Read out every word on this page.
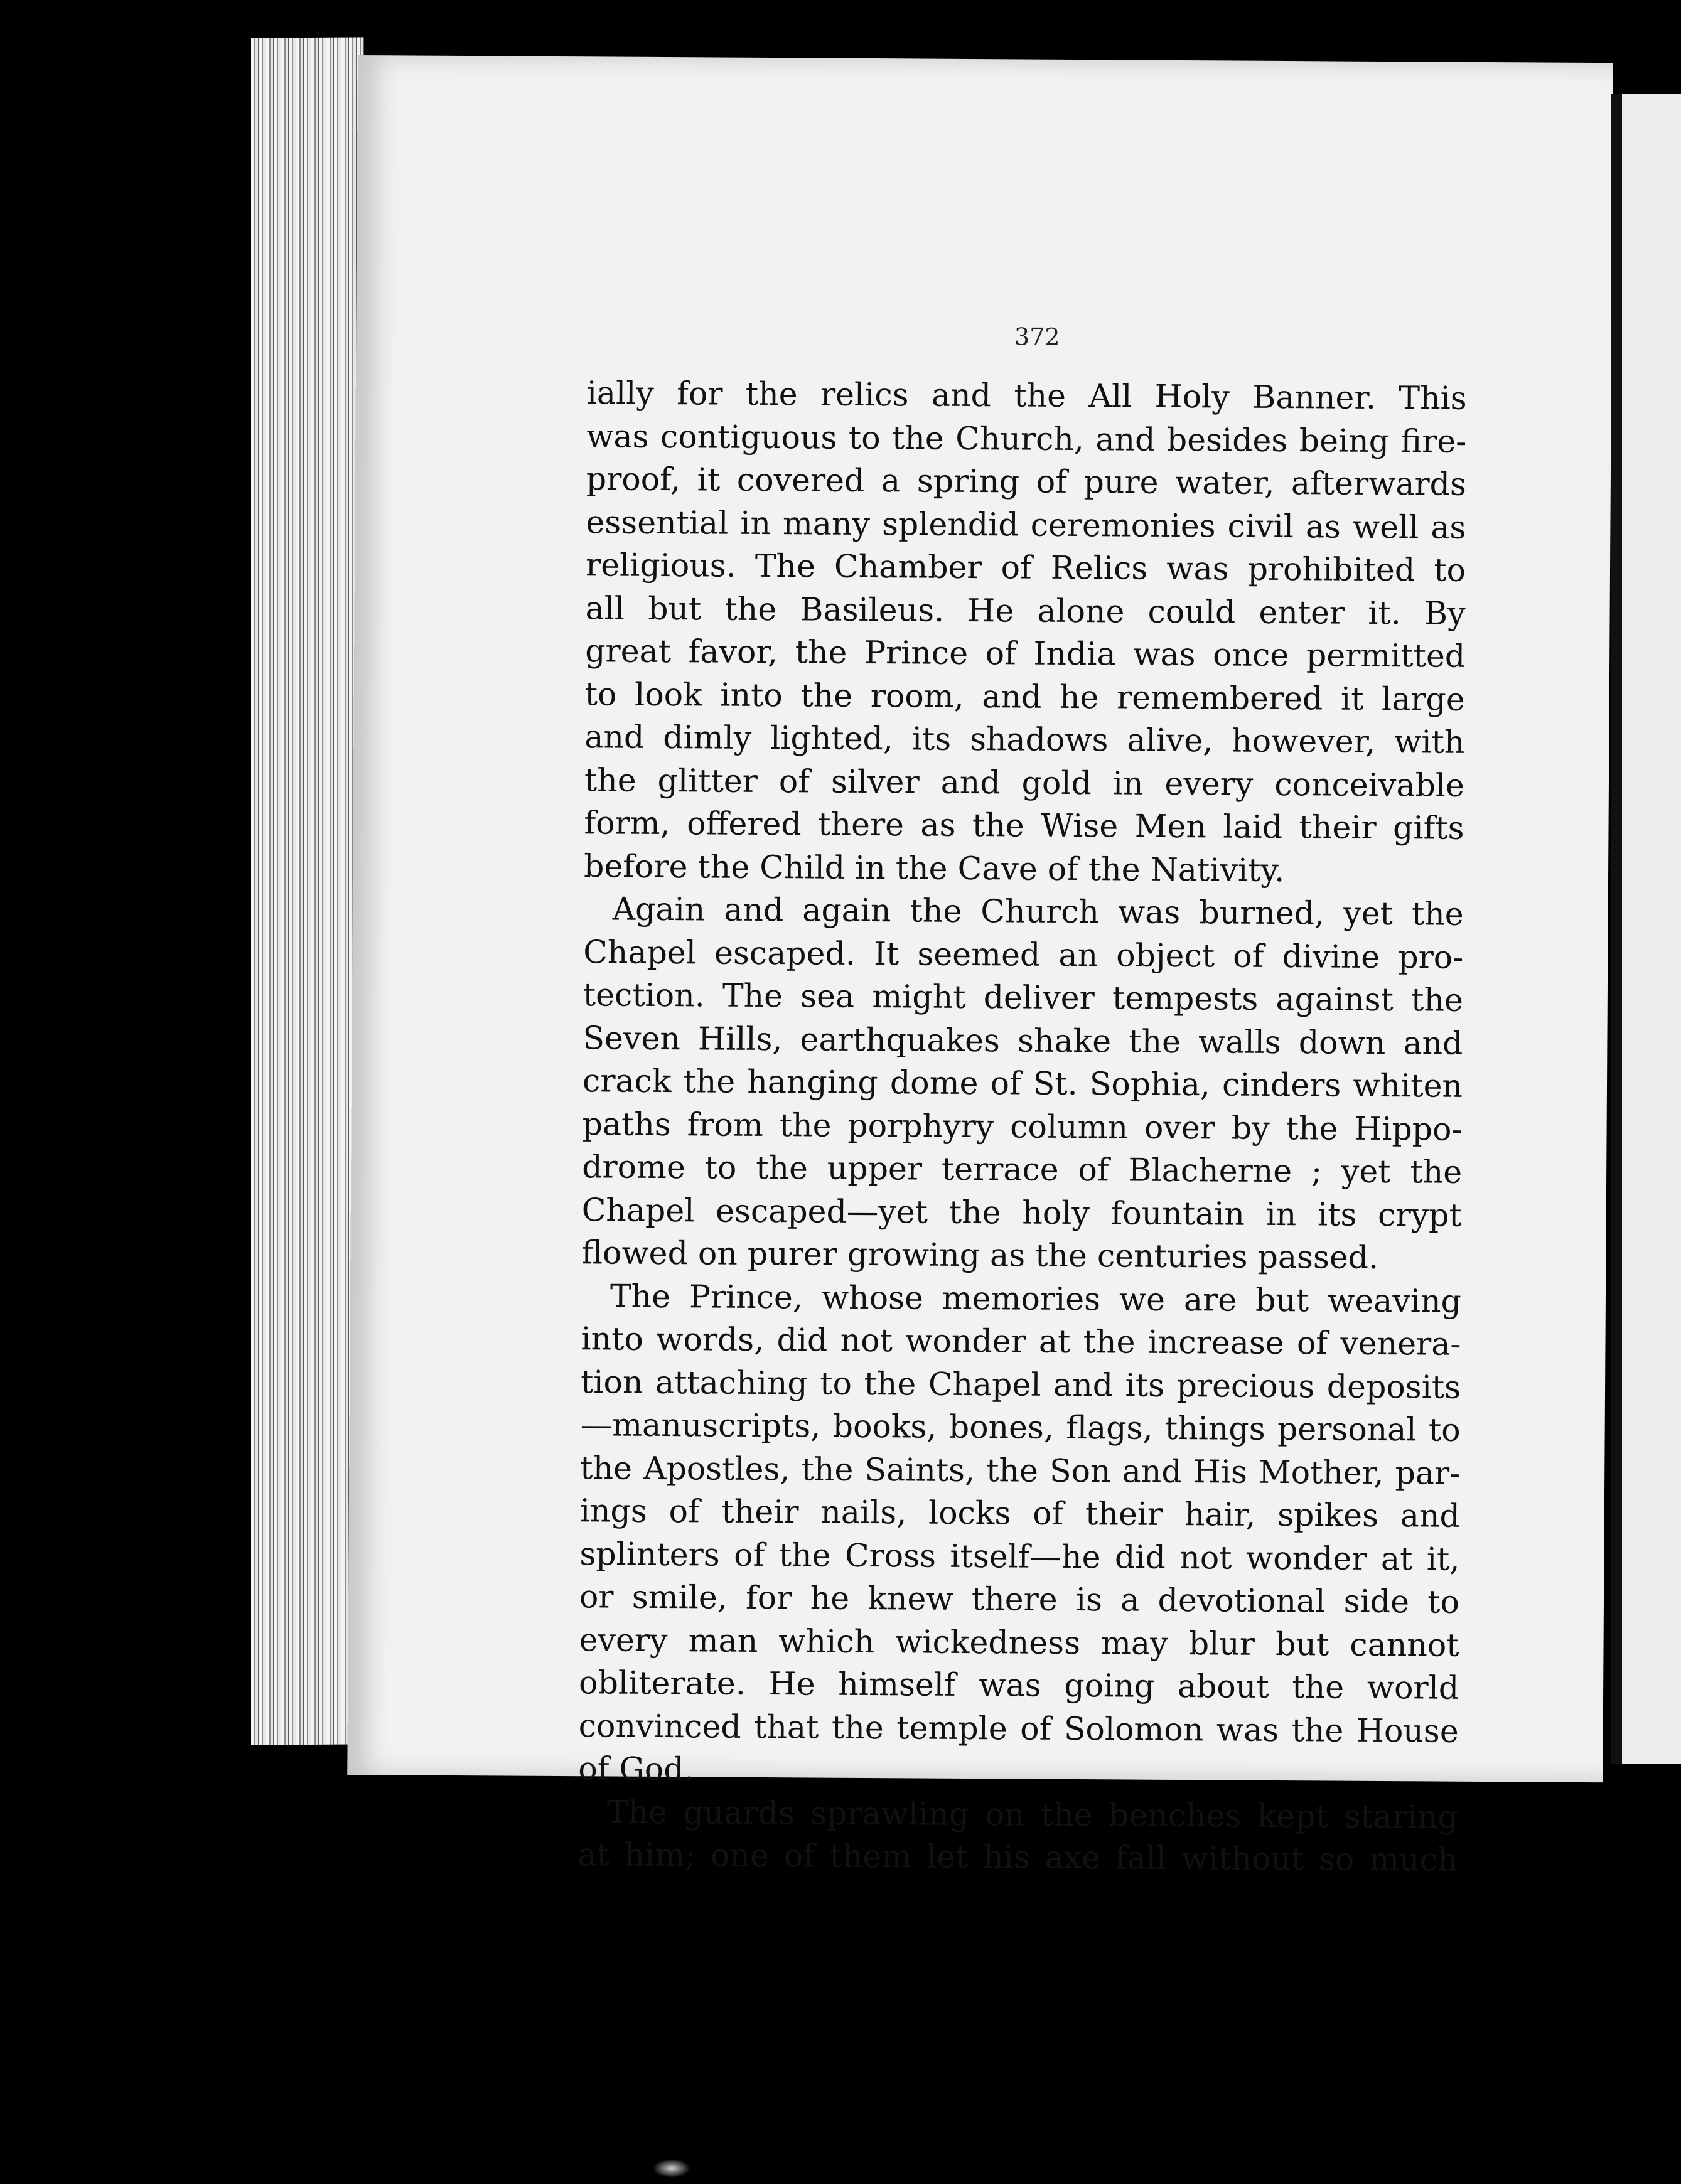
372
ially for the relics and the All Holy Banner. This
was contiguous to the Church, and besides being fire-
proof, it covered a spring of pure water, afterwards
essential in many splendid ceremonies civil as well as
religious. The Chamber of Relics was prohibited to
all but the Basileus. He alone could enter it. By
great favor, the Prince of India was once permitted
to look into the room, and he remembered it large
and dimly lighted, its shadows alive, however, with
the glitter of silver and gold in every conceivable
form, offered there as the Wise Men laid their gifts
before the Child in the Cave of the Nativity.
Again and again the Church was burned, yet the
Chapel escaped. It seemed an object of divine pro-
tection. The sea might deliver tempests against the
Seven Hills, earthquakes shake the walls down and
crack the hanging dome of St. Sophia, cinders whiten
paths from the porphyry column over by the Hippo-
drome to the upper terrace of Blacherne ; yet the
Chapel escaped—yet the holy fountain in its crypt
flowed on purer growing as the centuries passed.
The Prince, whose memories we are but weaving
into words, did not wonder at the increase of venera-
tion attaching to the Chapel and its precious deposits
—manuscripts, books, bones, flags, things personal to
the Apostles, the Saints, the Son and His Mother, par-
ings of their nails, locks of their hair, spikes and
splinters of the Cross itself—he did not wonder at it,
or smile, for he knew there is a devotional side to
every man which wickedness may blur but cannot
obliterate. He himself was going about the world
convinced that the temple of Solomon was the House
of God.
The guards sprawling on the benches kept staring
at him; one of them let his axe fall without so much
